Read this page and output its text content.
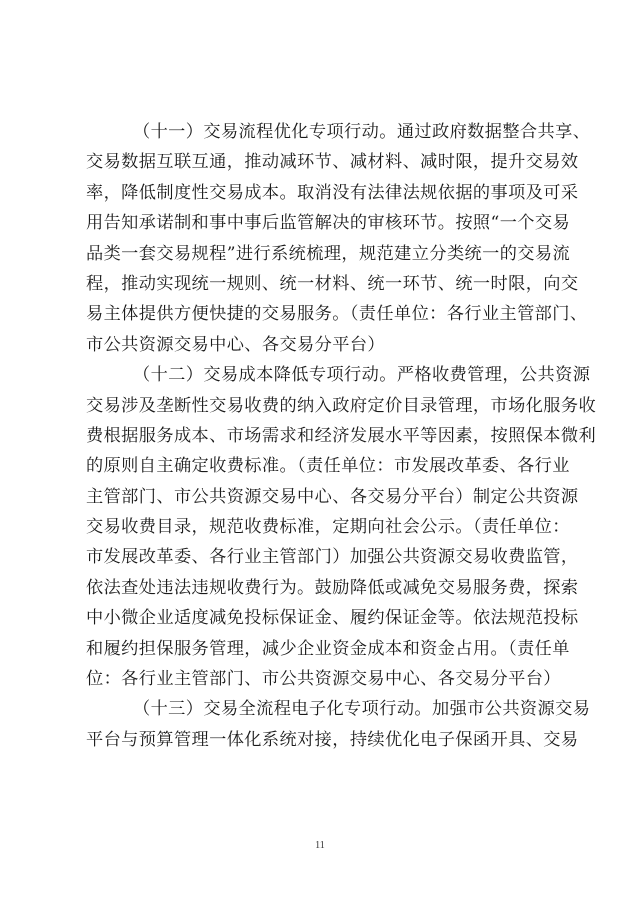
（十一）交易流程优化专项行动。通过政府数据整合共享、
交易数据互联互通，推动减环节、减材料、减时限，提升交易效
率，降低制度性交易成本。取消没有法律法规依据的事项及可采
用告知承诺制和事中事后监管解决的审核环节。按照“一个交易
品类一套交易规程”进行系统梳理，规范建立分类统一的交易流
程，推动实现统一规则、统一材料、统一环节、统一时限，向交
易主体提供方便快捷的交易服务。（责任单位：各行业主管部门、
市公共资源交易中心、各交易分平台）
（十二）交易成本降低专项行动。严格收费管理，公共资源
交易涉及垄断性交易收费的纳入政府定价目录管理，市场化服务收
费根据服务成本、市场需求和经济发展水平等因素，按照保本微利
的原则自主确定收费标准。（责任单位：市发展改革委、各行业
主管部门、市公共资源交易中心、各交易分平台）制定公共资源
交易收费目录，规范收费标准，定期向社会公示。（责任单位：
市发展改革委、各行业主管部门）加强公共资源交易收费监管，
依法查处违法违规收费行为。鼓励降低或减免交易服务费，探索
中小微企业适度减免投标保证金、履约保证金等。依法规范投标
和履约担保服务管理，减少企业资金成本和资金占用。（责任单
位：各行业主管部门、市公共资源交易中心、各交易分平台）
（十三）交易全流程电子化专项行动。加强市公共资源交易
平台与预算管理一体化系统对接，持续优化电子保函开具、交易
11
